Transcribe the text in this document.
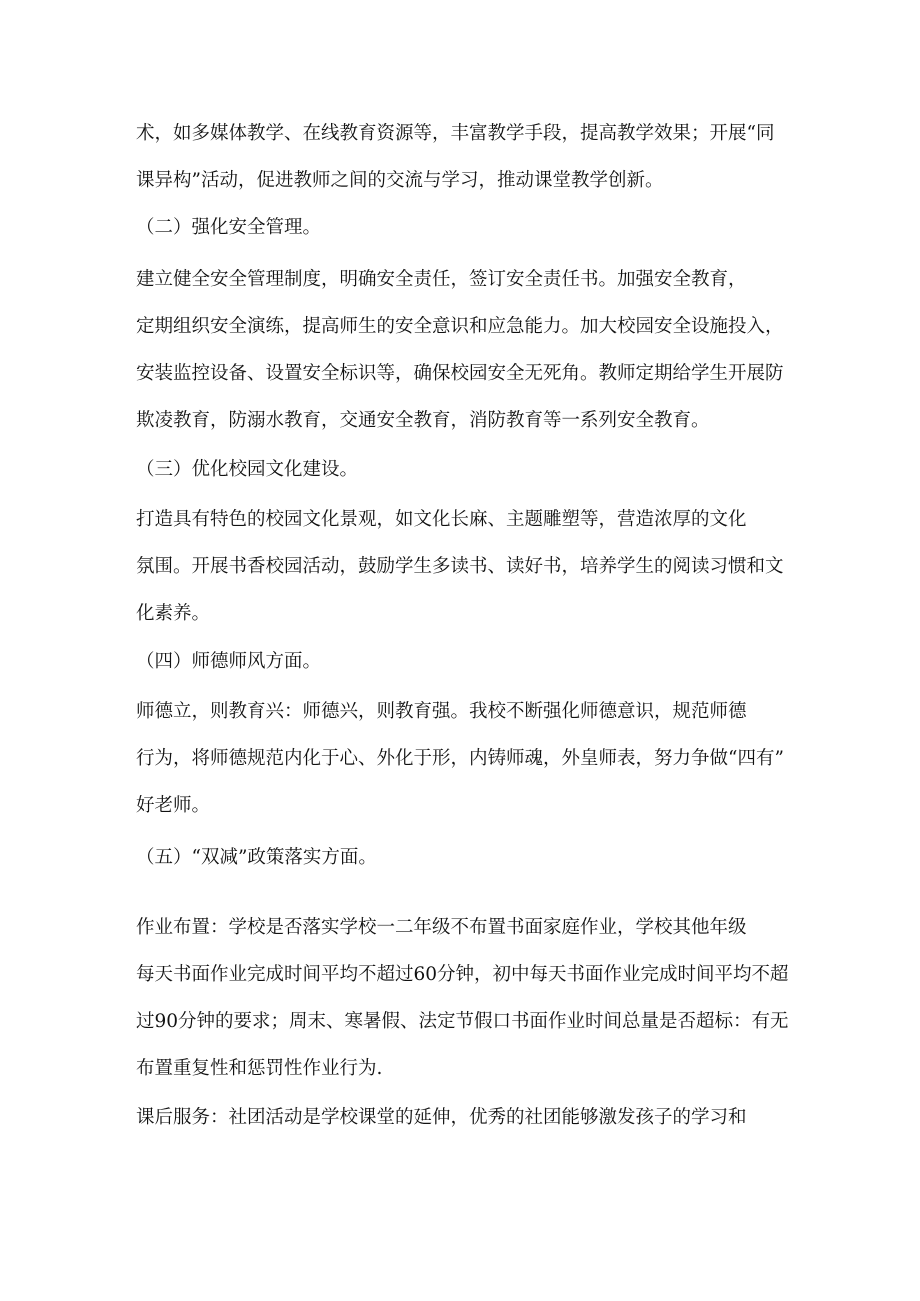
术，如多媒体教学、在线教育资源等，丰富教学手段，提高教学效果；开展“同
课异构”活动，促进教师之间的交流与学习，推动课堂教学创新。
（二）强化安全管理。
建立健全安全管理制度，明确安全责任，签订安全责任书。加强安全教育，
定期组织安全演练，提高师生的安全意识和应急能力。加大校园安全设施投入，
安装监控设备、设置安全标识等，确保校园安全无死角。教师定期给学生开展防
欺凌教育，防溺水教育，交通安全教育，消防教育等一系列安全教育。
（三）优化校园文化建设。
打造具有特色的校园文化景观，如文化长麻、主题雕塑等，营造浓厚的文化
氛围。开展书香校园活动，鼓励学生多读书、读好书，培养学生的阅读习惯和文
化素养。
（四）师德师风方面。
师德立，则教育兴：师德兴，则教育强。我校不断强化师德意识，规范师德
行为，将师德规范内化于心、外化于形，内铸师魂，外皇师表，努力争做“四有”
好老师。
（五）“双减”政策落实方面。
作业布置：学校是否落实学校一二年级不布置书面家庭作业，学校其他年级
每天书面作业完成时间平均不超过60分钟，初中每天书面作业完成时间平均不超
过90分钟的要求；周末、寒暑假、法定节假口书面作业时间总量是否超标：有无
布置重复性和惩罚性作业行为.
课后服务：社团活动是学校课堂的延伸，优秀的社团能够激发孩子的学习和
